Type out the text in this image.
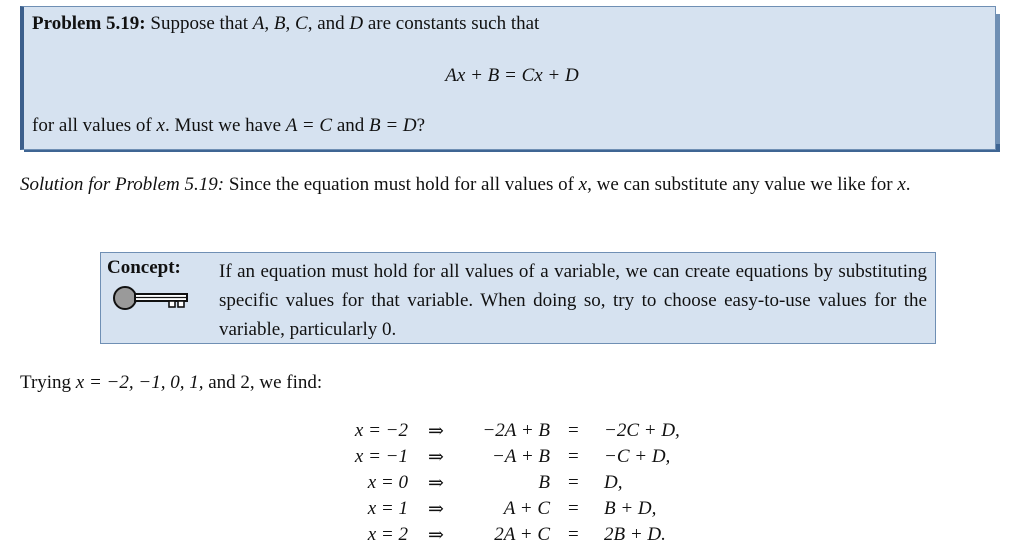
Problem 5.19: Suppose that A, B, C, and D are constants such that
Ax + B = Cx + D
for all values of x. Must we have A = C and B = D?
Solution for Problem 5.19: Since the equation must hold for all values of x, we can substitute any value we like for x.
Concept: If an equation must hold for all values of a variable, we can create equations by substituting specific values for that variable. When doing so, try to choose easy-to-use values for the variable, particularly 0.
Trying x = −2, −1, 0, 1, and 2, we find:
x = −2 ⇒	−2A + B = −2C + D,
x = −1 ⇒	−A + B = −C + D,
x = 0 ⇒	B = D,
x = 1 ⇒	A + C = B + D,
x = 2 ⇒	2A + C = 2B + D.
